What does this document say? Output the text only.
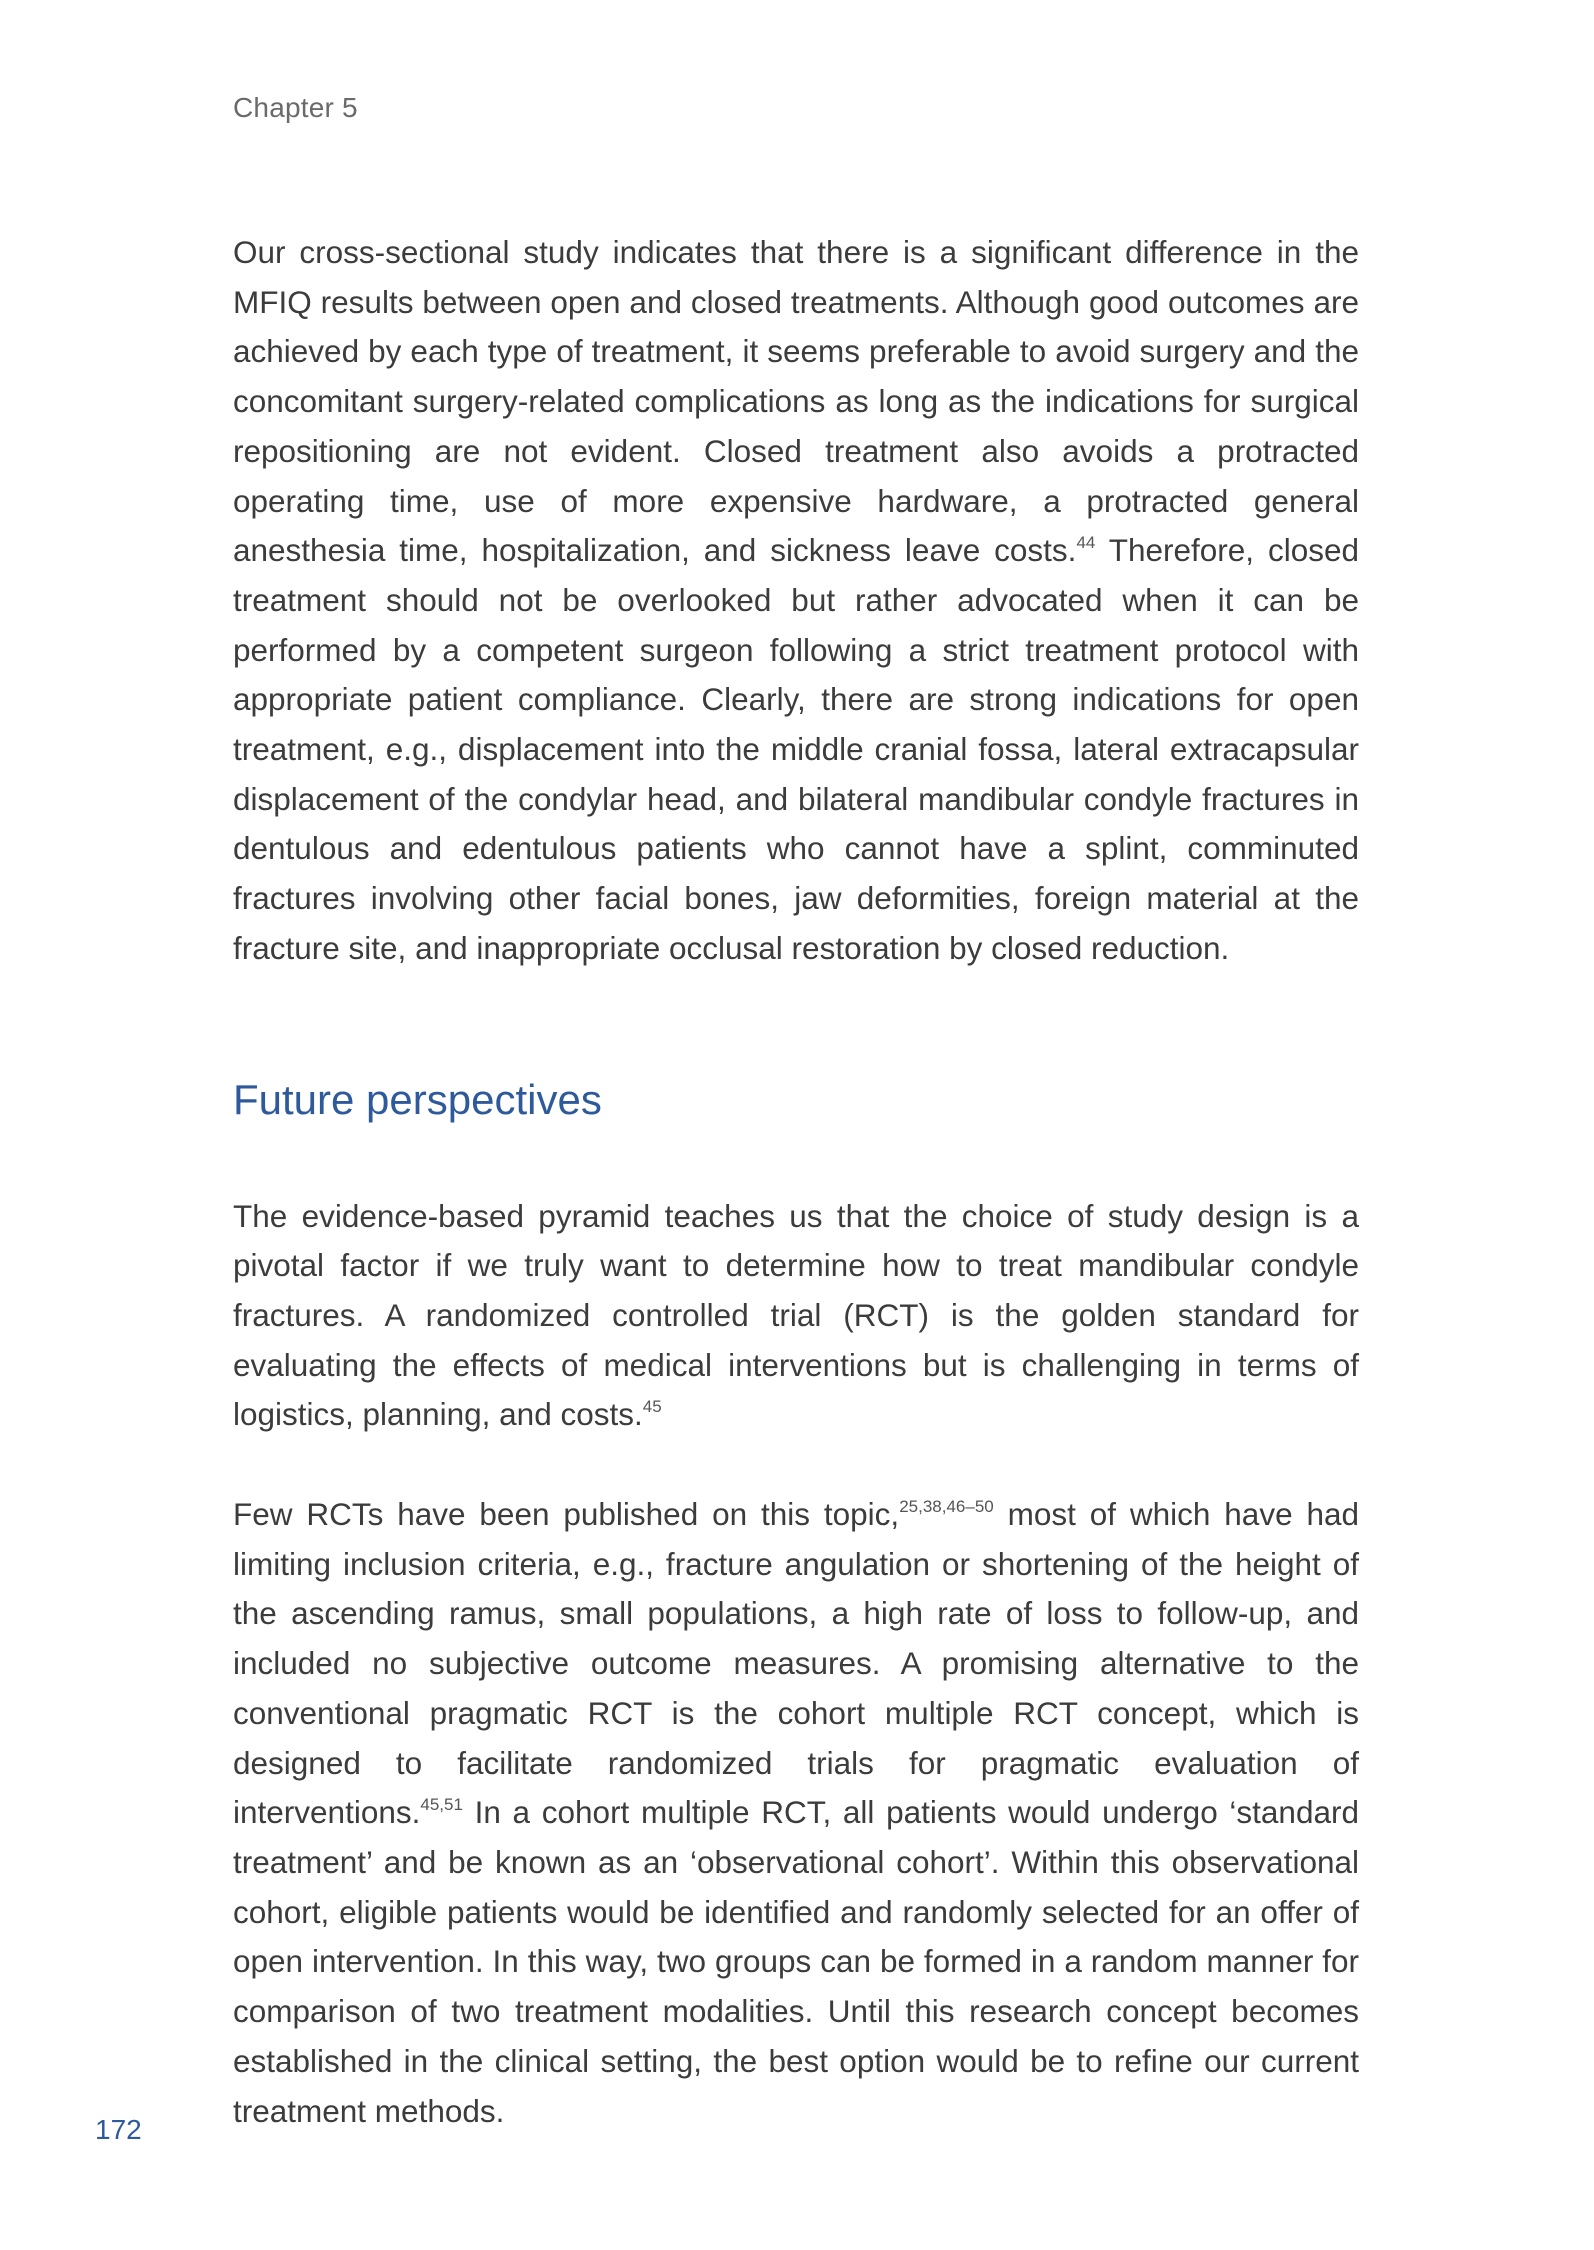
Chapter 5

Our cross-sectional study indicates that there is a significant difference in the MFIQ results between open and closed treatments. Although good outcomes are achieved by each type of treatment, it seems preferable to avoid surgery and the concomitant surgery-related complications as long as the indications for surgical repositioning are not evident. Closed treatment also avoids a protracted operating time, use of more expensive hardware, a protracted general anesthesia time, hospitalization, and sickness leave costs.$^{44}$ Therefore, closed treatment should not be overlooked but rather advocated when it can be performed by a competent surgeon following a strict treatment protocol with appropriate patient compliance. Clearly, there are strong indications for open treatment, e.g., displacement into the middle cranial fossa, lateral extracapsular displacement of the condylar head, and bilateral mandibular condyle fractures in dentulous and edentulous patients who cannot have a splint, comminuted fractures involving other facial bones, jaw deformities, foreign material at the fracture site, and inappropriate occlusal restoration by closed reduction.

Future perspectives

The evidence-based pyramid teaches us that the choice of study design is a pivotal factor if we truly want to determine how to treat mandibular condyle fractures. A randomized controlled trial (RCT) is the golden standard for evaluating the effects of medical interventions but is challenging in terms of logistics, planning, and costs.$^{45}$

Few RCTs have been published on this topic,$^{25,38,46-50}$ most of which have had limiting inclusion criteria, e.g., fracture angulation or shortening of the height of the ascending ramus, small populations, a high rate of loss to follow-up, and included no subjective outcome measures. A promising alternative to the conventional pragmatic RCT is the cohort multiple RCT concept, which is designed to facilitate randomized trials for pragmatic evaluation of interventions.$^{45,51}$ In a cohort multiple RCT, all patients would undergo ‘standard treatment’ and be known as an ‘observational cohort’. Within this observational cohort, eligible patients would be identified and randomly selected for an offer of open intervention. In this way, two groups can be formed in a random manner for comparison of two treatment modalities. Until this research concept becomes established in the clinical setting, the best option would be to refine our current treatment methods.

172
